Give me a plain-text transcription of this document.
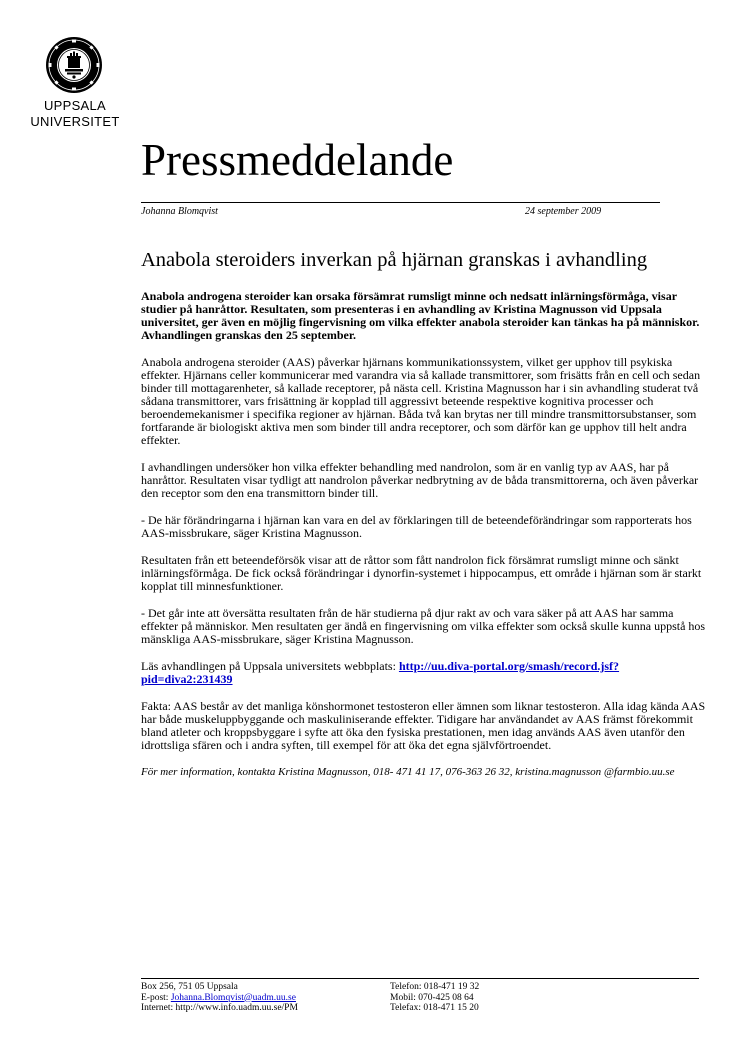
UPPSALA
UNIVERSITET
Pressmeddelande
Johanna Blomqvist	24 september 2009
Anabola steroiders inverkan på hjärnan granskas i avhandling

Anabola androgena steroider kan orsaka försämrat rumsligt minne och nedsatt inlärningsförmåga, visar studier på hanråttor. Resultaten, som presenteras i en avhandling av Kristina Magnusson vid Uppsala universitet, ger även en möjlig fingervisning om vilka effekter anabola steroider kan tänkas ha på människor. Avhandlingen granskas den 25 september.

Anabola androgena steroider (AAS) påverkar hjärnans kommunikationssystem, vilket ger upphov till psykiska effekter. Hjärnans celler kommunicerar med varandra via så kallade transmittorer, som frisätts från en cell och sedan binder till mottagarenheter, så kallade receptorer, på nästa cell. Kristina Magnusson har i sin avhandling studerat två sådana transmittorer, vars frisättning är kopplad till aggressivt beteende respektive kognitiva processer och beroendemekanismer i specifika regioner av hjärnan. Båda två kan brytas ner till mindre transmittorsubstanser, som fortfarande är biologiskt aktiva men som binder till andra receptorer, och som därför kan ge upphov till helt andra effekter.

I avhandlingen undersöker hon vilka effekter behandling med nandrolon, som är en vanlig typ av AAS, har på hanråttor. Resultaten visar tydligt att nandrolon påverkar nedbrytning av de båda transmittorerna, och även påverkar den receptor som den ena transmittorn binder till.

- De här förändringarna i hjärnan kan vara en del av förklaringen till de beteendeförändringar som rapporterats hos AAS-missbrukare, säger Kristina Magnusson.

Resultaten från ett beteendeförsök visar att de råttor som fått nandrolon fick försämrat rumsligt minne och sänkt inlärningsförmåga. De fick också förändringar i dynorfin-systemet i hippocampus, ett område i hjärnan som är starkt kopplat till minnesfunktioner.

- Det går inte att översätta resultaten från de här studierna på djur rakt av och vara säker på att AAS har samma effekter på människor. Men resultaten ger ändå en fingervisning om vilka effekter som också skulle kunna uppstå hos mänskliga AAS-missbrukare, säger Kristina Magnusson.

Läs avhandlingen på Uppsala universitets webbplats: http://uu.diva-portal.org/smash/record.jsf?pid=diva2:231439

Fakta: AAS består av det manliga könshormonet testosteron eller ämnen som liknar testosteron. Alla idag kända AAS har både muskeluppbyggande och maskuliniserande effekter. Tidigare har användandet av AAS främst förekommit bland atleter och kroppsbyggare i syfte att öka den fysiska prestationen, men idag används AAS även utanför den idrottsliga sfären och i andra syften, till exempel för att öka det egna självförtroendet.

För mer information, kontakta Kristina Magnusson, 018- 471 41 17, 076-363 26 32, kristina.magnusson @farmbio.uu.se

Box 256, 751 05 Uppsala
E-post: Johanna.Blomqvist@uadm.uu.se
Internet: http://www.info.uadm.uu.se/PM
Telefon: 018-471 19 32
Mobil: 070-425 08 64
Telefax: 018-471 15 20
